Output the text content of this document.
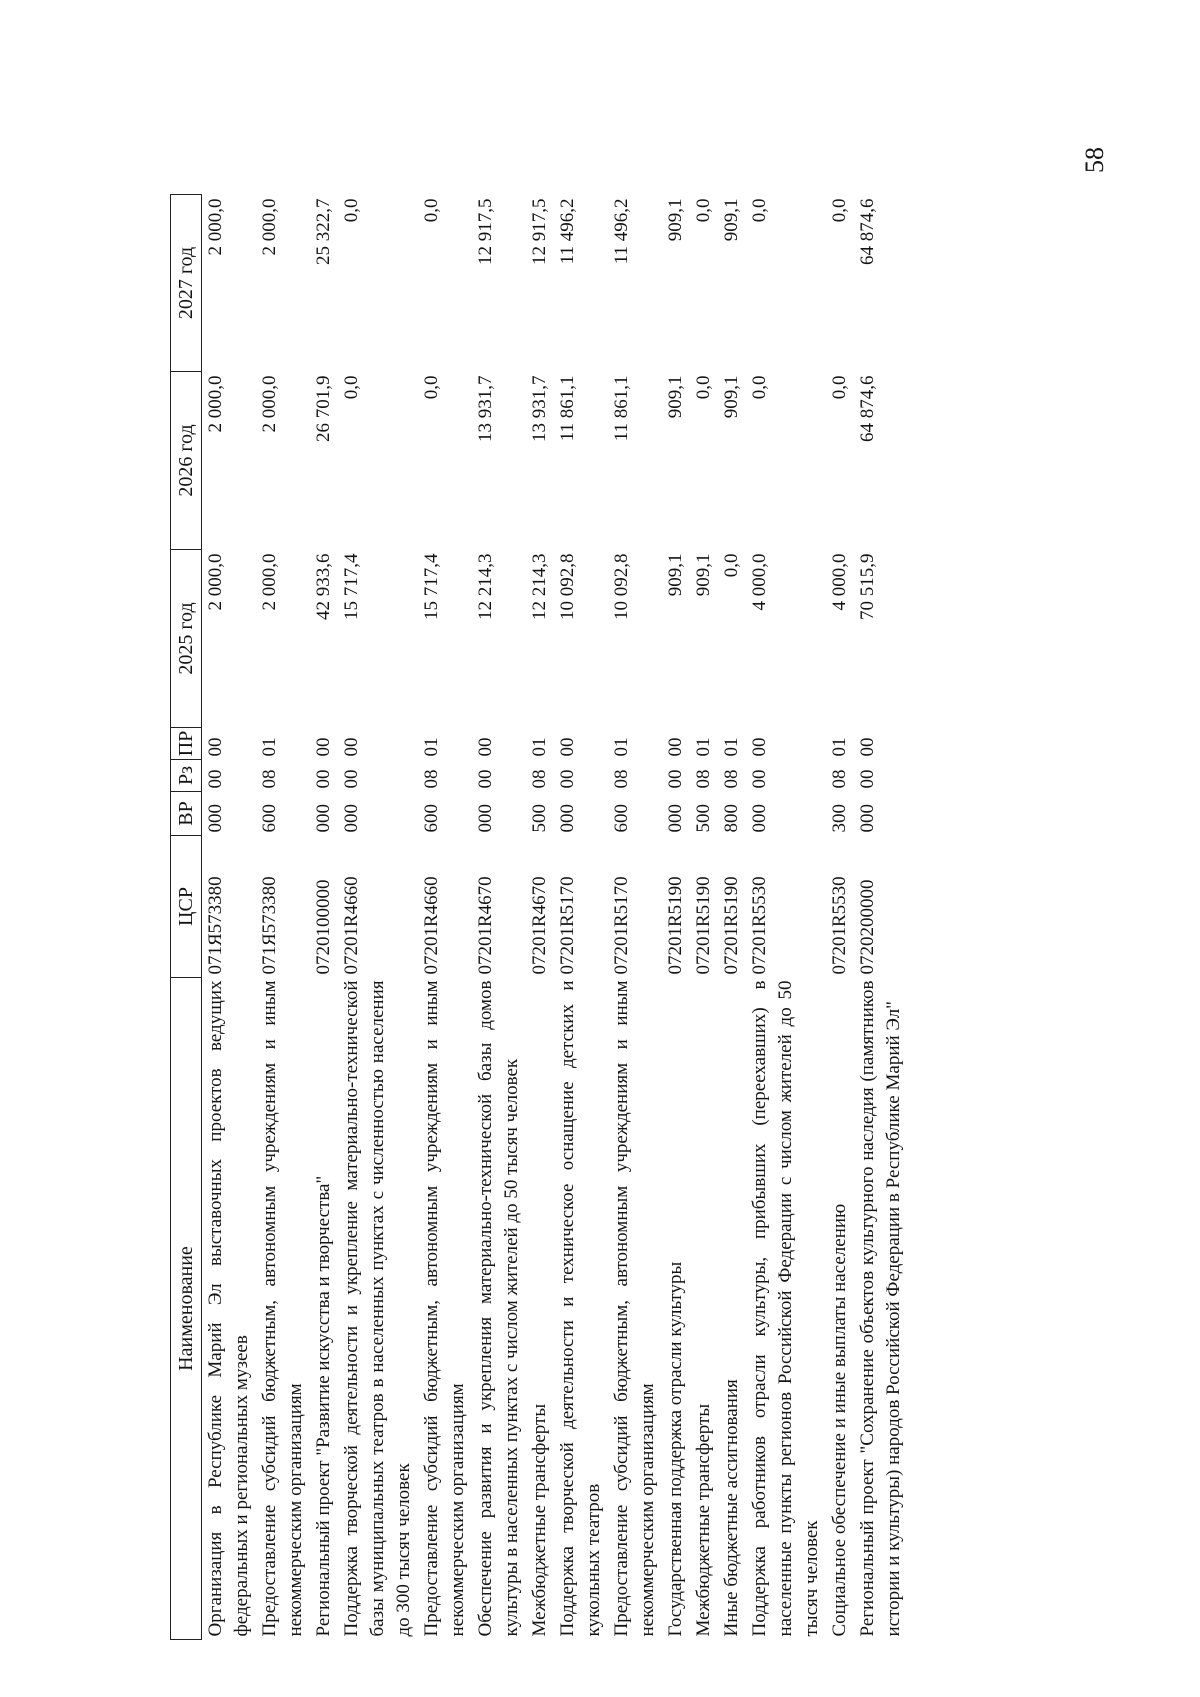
58
Наименование	ЦСР	ВР	Рз	ПР	2025 год	2026 год	2027 год
Организация в Республике Марий Эл выставочных проектов ведущих федеральных и региональных музеев	071Я573380	000	00	00	2 000,0	2 000,0	2 000,0
Предоставление субсидий бюджетным, автономным учреждениям и иным некоммерческим организациям	071Я573380	600	08	01	2 000,0	2 000,0	2 000,0
Региональный проект "Развитие искусства и творчества"	0720100000	000	00	00	42 933,6	26 701,9	25 322,7
Поддержка творческой деятельности и укрепление материально-технической базы муниципальных театров в населенных пунктах с численностью населения до 300 тысяч человек	07201R4660	000	00	00	15 717,4	0,0	0,0
Предоставление субсидий бюджетным, автономным учреждениям и иным некоммерческим организациям	07201R4660	600	08	01	15 717,4	0,0	0,0
Обеспечение развития и укрепления материально-технической базы домов культуры в населенных пунктах с числом жителей до 50 тысяч человек	07201R4670	000	00	00	12 214,3	13 931,7	12 917,5
Межбюджетные трансферты	07201R4670	500	08	01	12 214,3	13 931,7	12 917,5
Поддержка творческой деятельности и техническое оснащение детских и кукольных театров	07201R5170	000	00	00	10 092,8	11 861,1	11 496,2
Предоставление субсидий бюджетным, автономным учреждениям и иным некоммерческим организациям	07201R5170	600	08	01	10 092,8	11 861,1	11 496,2
Государственная поддержка отрасли культуры	07201R5190	000	00	00	909,1	909,1	909,1
Межбюджетные трансферты	07201R5190	500	08	01	909,1	0,0	0,0
Иные бюджетные ассигнования	07201R5190	800	08	01	0,0	909,1	909,1
Поддержка работников отрасли культуры, прибывших (переехавших) в населенные пункты регионов Российской Федерации с числом жителей до 50 тысяч человек	07201R5530	000	00	00	4 000,0	0,0	0,0
Социальное обеспечение и иные выплаты населению	07201R5530	300	08	01	4 000,0	0,0	0,0
Региональный проект "Сохранение объектов культурного наследия (памятников истории и культуры) народов Российской Федерации в Республике Марий Эл"	0720200000	000	00	00	70 515,9	64 874,6	64 874,6
